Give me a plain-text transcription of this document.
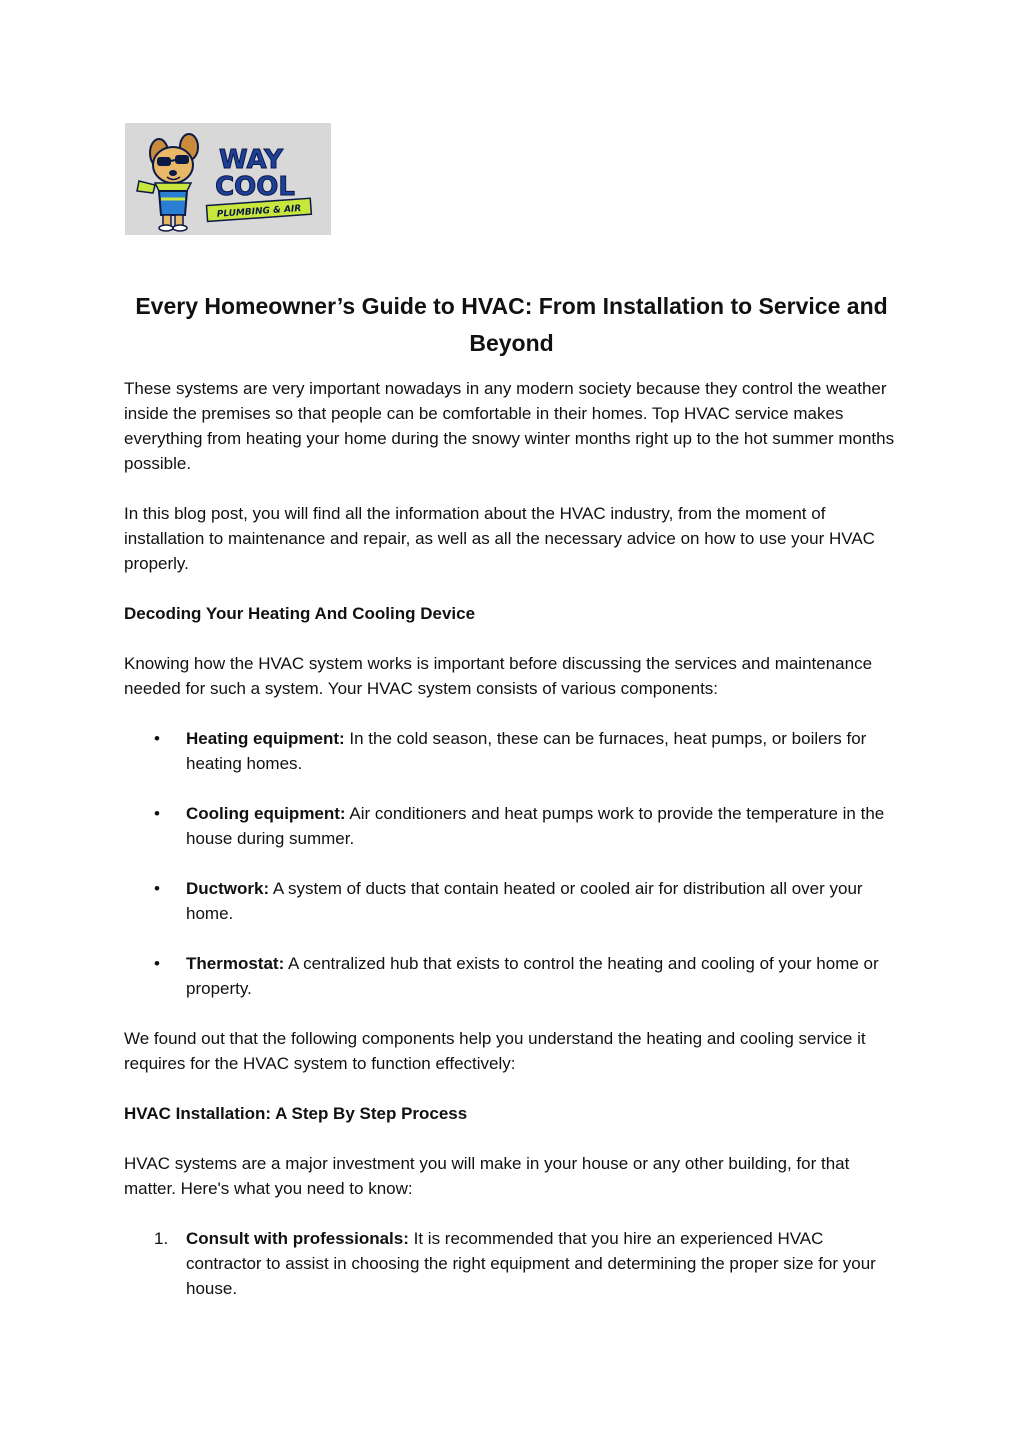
WAY
COOL
PLUMBING & AIR
Every Homeowner’s Guide to HVAC: From Installation to Service and Beyond

These systems are very important nowadays in any modern society because they control the weather inside the premises so that people can be comfortable in their homes. Top HVAC service makes everything from heating your home during the snowy winter months right up to the hot summer months possible.

In this blog post, you will find all the information about the HVAC industry, from the moment of installation to maintenance and repair, as well as all the necessary advice on how to use your HVAC properly.

Decoding Your Heating And Cooling Device

Knowing how the HVAC system works is important before discussing the services and maintenance needed for such a system. Your HVAC system consists of various components:

•	Heating equipment: In the cold season, these can be furnaces, heat pumps, or boilers for heating homes.
•	Cooling equipment: Air conditioners and heat pumps work to provide the temperature in the house during summer.
•	Ductwork: A system of ducts that contain heated or cooled air for distribution all over your home.
•	Thermostat: A centralized hub that exists to control the heating and cooling of your home or property.

We found out that the following components help you understand the heating and cooling service it requires for the HVAC system to function effectively:

HVAC Installation: A Step By Step Process

HVAC systems are a major investment you will make in your house or any other building, for that matter. Here's what you need to know:

1.	Consult with professionals: It is recommended that you hire an experienced HVAC contractor to assist in choosing the right equipment and determining the proper size for your house.
